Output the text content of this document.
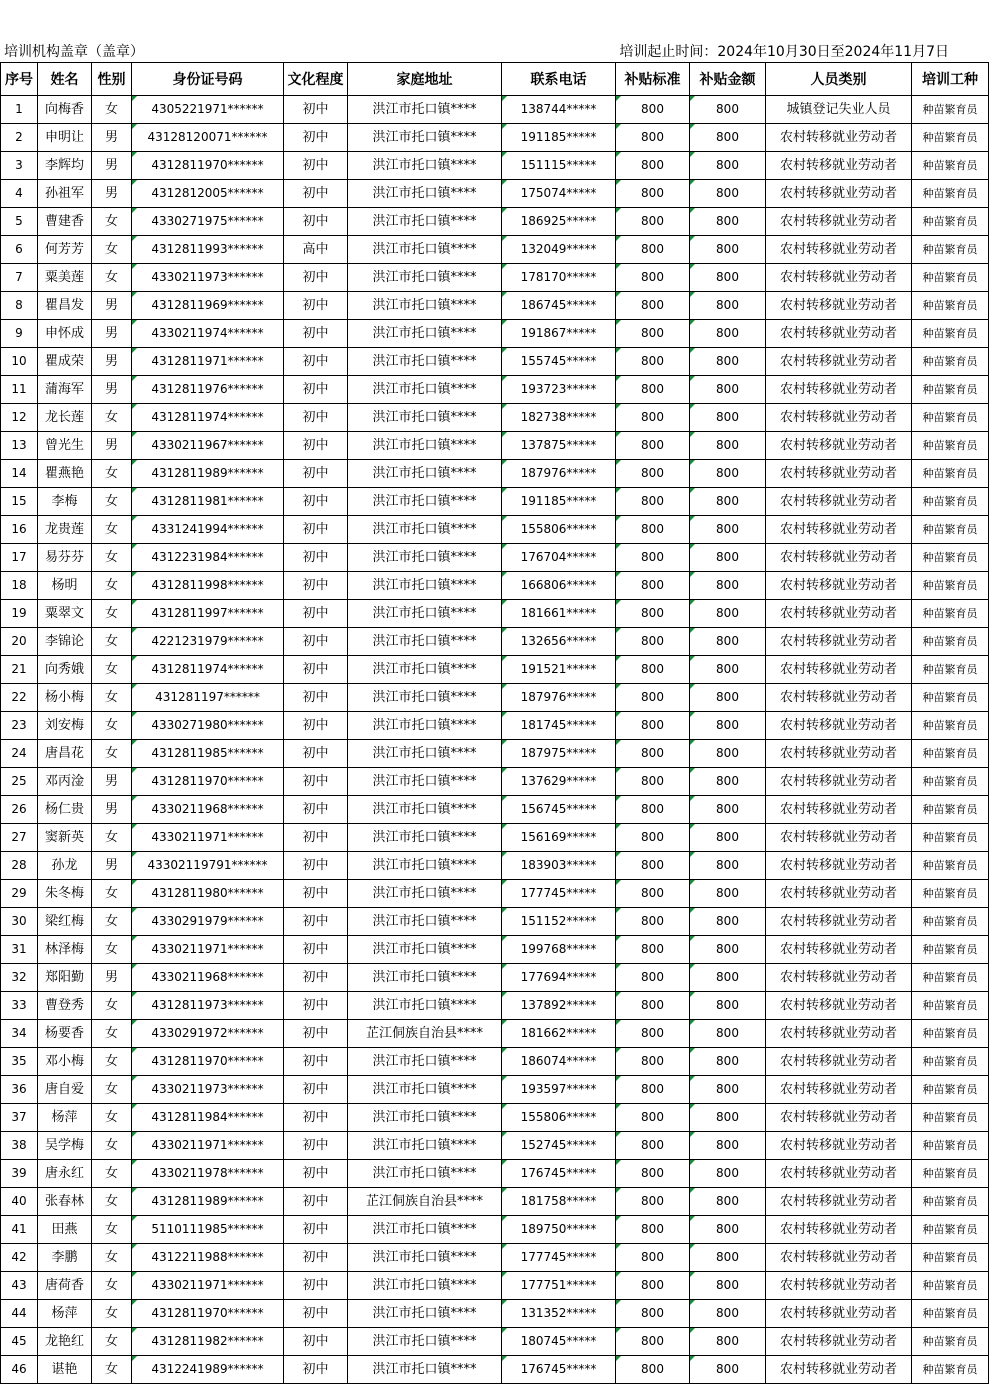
培训机构盖章（盖章）	培训起止时间：2024年10月30日至2024年11月7日
序号	姓名	性别	身份证号码	文化程度	家庭地址	联系电话	补贴标准	补贴金额	人员类别	培训工种
1	向梅香	女	4305221971******	初中	洪江市托口镇****	138744*****	800	800	城镇登记失业人员	种苗繁育员
2	申明让	男	43128120071******	初中	洪江市托口镇****	191185*****	800	800	农村转移就业劳动者	种苗繁育员
3	李辉均	男	4312811970******	初中	洪江市托口镇****	151115*****	800	800	农村转移就业劳动者	种苗繁育员
4	孙祖军	男	4312812005******	初中	洪江市托口镇****	175074*****	800	800	农村转移就业劳动者	种苗繁育员
5	曹建香	女	4330271975******	初中	洪江市托口镇****	186925*****	800	800	农村转移就业劳动者	种苗繁育员
6	何芳芳	女	4312811993******	高中	洪江市托口镇****	132049*****	800	800	农村转移就业劳动者	种苗繁育员
7	粟美莲	女	4330211973******	初中	洪江市托口镇****	178170*****	800	800	农村转移就业劳动者	种苗繁育员
8	瞿昌发	男	4312811969******	初中	洪江市托口镇****	186745*****	800	800	农村转移就业劳动者	种苗繁育员
9	申怀成	男	4330211974******	初中	洪江市托口镇****	191867*****	800	800	农村转移就业劳动者	种苗繁育员
10	瞿成荣	男	4312811971******	初中	洪江市托口镇****	155745*****	800	800	农村转移就业劳动者	种苗繁育员
11	蒲海军	男	4312811976******	初中	洪江市托口镇****	193723*****	800	800	农村转移就业劳动者	种苗繁育员
12	龙长莲	女	4312811974******	初中	洪江市托口镇****	182738*****	800	800	农村转移就业劳动者	种苗繁育员
13	曾光生	男	4330211967******	初中	洪江市托口镇****	137875*****	800	800	农村转移就业劳动者	种苗繁育员
14	瞿燕艳	女	4312811989******	初中	洪江市托口镇****	187976*****	800	800	农村转移就业劳动者	种苗繁育员
15	李梅	女	4312811981******	初中	洪江市托口镇****	191185*****	800	800	农村转移就业劳动者	种苗繁育员
16	龙贵莲	女	4331241994******	初中	洪江市托口镇****	155806*****	800	800	农村转移就业劳动者	种苗繁育员
17	易芬芬	女	4312231984******	初中	洪江市托口镇****	176704*****	800	800	农村转移就业劳动者	种苗繁育员
18	杨明	女	4312811998******	初中	洪江市托口镇****	166806*****	800	800	农村转移就业劳动者	种苗繁育员
19	粟翠文	女	4312811997******	初中	洪江市托口镇****	181661*****	800	800	农村转移就业劳动者	种苗繁育员
20	李锦论	女	4221231979******	初中	洪江市托口镇****	132656*****	800	800	农村转移就业劳动者	种苗繁育员
21	向秀娥	女	4312811974******	初中	洪江市托口镇****	191521*****	800	800	农村转移就业劳动者	种苗繁育员
22	杨小梅	女	431281197******	初中	洪江市托口镇****	187976*****	800	800	农村转移就业劳动者	种苗繁育员
23	刘安梅	女	4330271980******	初中	洪江市托口镇****	181745*****	800	800	农村转移就业劳动者	种苗繁育员
24	唐昌花	女	4312811985******	初中	洪江市托口镇****	187975*****	800	800	农村转移就业劳动者	种苗繁育员
25	邓丙淦	男	4312811970******	初中	洪江市托口镇****	137629*****	800	800	农村转移就业劳动者	种苗繁育员
26	杨仁贵	男	4330211968******	初中	洪江市托口镇****	156745*****	800	800	农村转移就业劳动者	种苗繁育员
27	窦新英	女	4330211971******	初中	洪江市托口镇****	156169*****	800	800	农村转移就业劳动者	种苗繁育员
28	孙龙	男	43302119791******	初中	洪江市托口镇****	183903*****	800	800	农村转移就业劳动者	种苗繁育员
29	朱冬梅	女	4312811980******	初中	洪江市托口镇****	177745*****	800	800	农村转移就业劳动者	种苗繁育员
30	梁红梅	女	4330291979******	初中	洪江市托口镇****	151152*****	800	800	农村转移就业劳动者	种苗繁育员
31	林泽梅	女	4330211971******	初中	洪江市托口镇****	199768*****	800	800	农村转移就业劳动者	种苗繁育员
32	郑阳勤	男	4330211968******	初中	洪江市托口镇****	177694*****	800	800	农村转移就业劳动者	种苗繁育员
33	曹登秀	女	4312811973******	初中	洪江市托口镇****	137892*****	800	800	农村转移就业劳动者	种苗繁育员
34	杨要香	女	4330291972******	初中	芷江侗族自治县****	181662*****	800	800	农村转移就业劳动者	种苗繁育员
35	邓小梅	女	4312811970******	初中	洪江市托口镇****	186074*****	800	800	农村转移就业劳动者	种苗繁育员
36	唐自爱	女	4330211973******	初中	洪江市托口镇****	193597*****	800	800	农村转移就业劳动者	种苗繁育员
37	杨萍	女	4312811984******	初中	洪江市托口镇****	155806*****	800	800	农村转移就业劳动者	种苗繁育员
38	吴学梅	女	4330211971******	初中	洪江市托口镇****	152745*****	800	800	农村转移就业劳动者	种苗繁育员
39	唐永红	女	4330211978******	初中	洪江市托口镇****	176745*****	800	800	农村转移就业劳动者	种苗繁育员
40	张春林	女	4312811989******	初中	芷江侗族自治县****	181758*****	800	800	农村转移就业劳动者	种苗繁育员
41	田燕	女	5110111985******	初中	洪江市托口镇****	189750*****	800	800	农村转移就业劳动者	种苗繁育员
42	李鹏	女	4312211988******	初中	洪江市托口镇****	177745*****	800	800	农村转移就业劳动者	种苗繁育员
43	唐荷香	女	4330211971******	初中	洪江市托口镇****	177751*****	800	800	农村转移就业劳动者	种苗繁育员
44	杨萍	女	4312811970******	初中	洪江市托口镇****	131352*****	800	800	农村转移就业劳动者	种苗繁育员
45	龙艳红	女	4312811982******	初中	洪江市托口镇****	180745*****	800	800	农村转移就业劳动者	种苗繁育员
46	谌艳	女	4312241989******	初中	洪江市托口镇****	176745*****	800	800	农村转移就业劳动者	种苗繁育员
